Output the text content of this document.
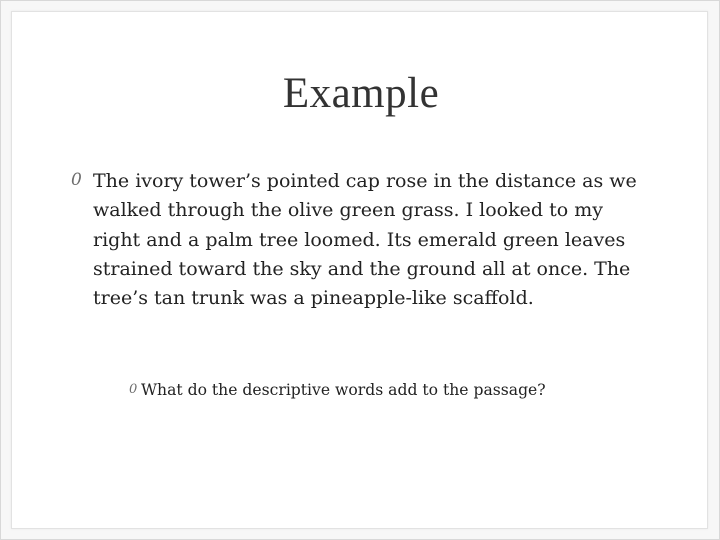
Example
0 The ivory tower’s pointed cap rose in the distance as we walked through the olive green grass. I looked to my right and a palm tree loomed. Its emerald green leaves strained toward the sky and the ground all at once. The tree’s tan trunk was a pineapple-like scaffold.
0 What do the descriptive words add to the passage?
